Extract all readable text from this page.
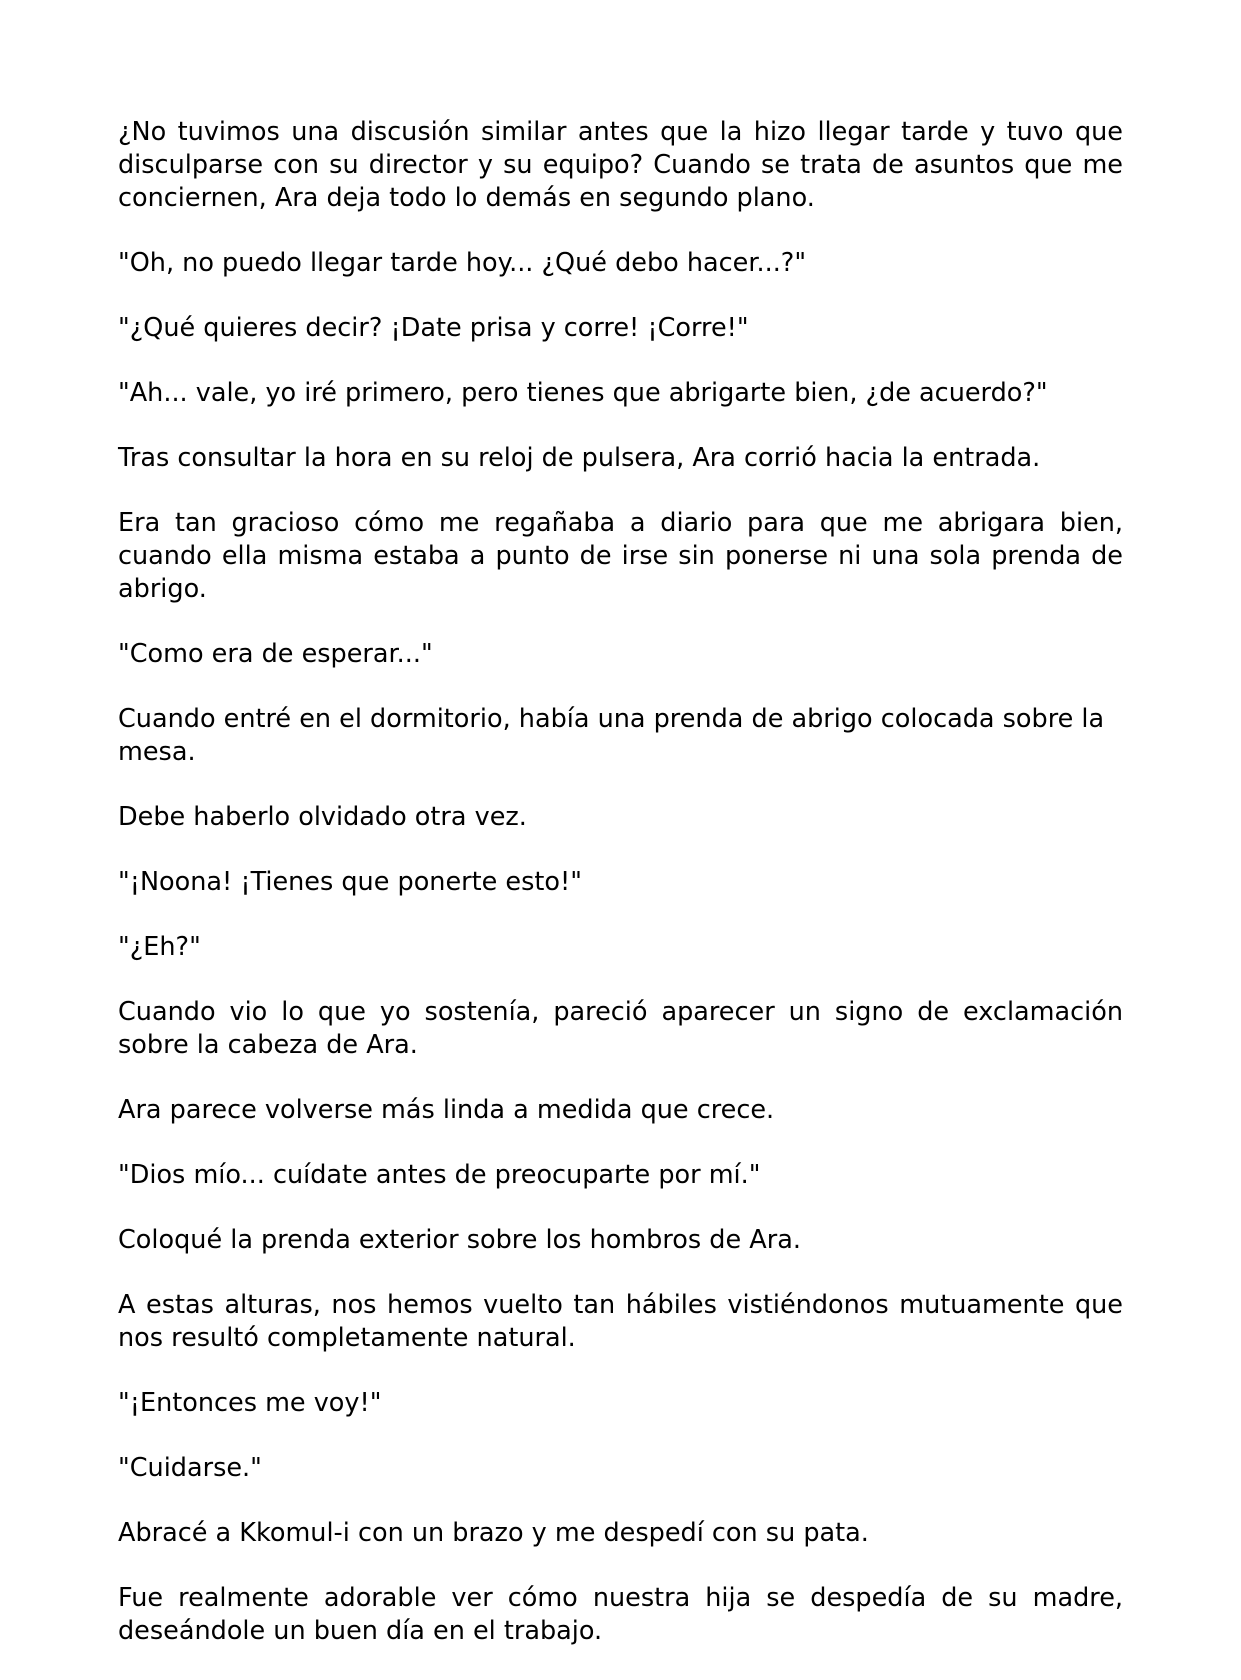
¿No tuvimos una discusión similar antes que la hizo llegar tarde y tuvo que disculparse con su director y su equipo? Cuando se trata de asuntos que me conciernen, Ara deja todo lo demás en segundo plano.

"Oh, no puedo llegar tarde hoy... ¿Qué debo hacer...?"

"¿Qué quieres decir? ¡Date prisa y corre! ¡Corre!"

"Ah... vale, yo iré primero, pero tienes que abrigarte bien, ¿de acuerdo?"

Tras consultar la hora en su reloj de pulsera, Ara corrió hacia la entrada.

Era tan gracioso cómo me regañaba a diario para que me abrigara bien, cuando ella misma estaba a punto de irse sin ponerse ni una sola prenda de abrigo.

"Como era de esperar..."

Cuando entré en el dormitorio, había una prenda de abrigo colocada sobre la mesa.

Debe haberlo olvidado otra vez.

"¡Noona! ¡Tienes que ponerte esto!"

"¿Eh?"

Cuando vio lo que yo sostenía, pareció aparecer un signo de exclamación sobre la cabeza de Ara.

Ara parece volverse más linda a medida que crece.

"Dios mío... cuídate antes de preocuparte por mí."

Coloqué la prenda exterior sobre los hombros de Ara.

A estas alturas, nos hemos vuelto tan hábiles vistiéndonos mutuamente que nos resultó completamente natural.

"¡Entonces me voy!"

"Cuidarse."

Abracé a Kkomul-i con un brazo y me despedí con su pata.

Fue realmente adorable ver cómo nuestra hija se despedía de su madre, deseándole un buen día en el trabajo.
